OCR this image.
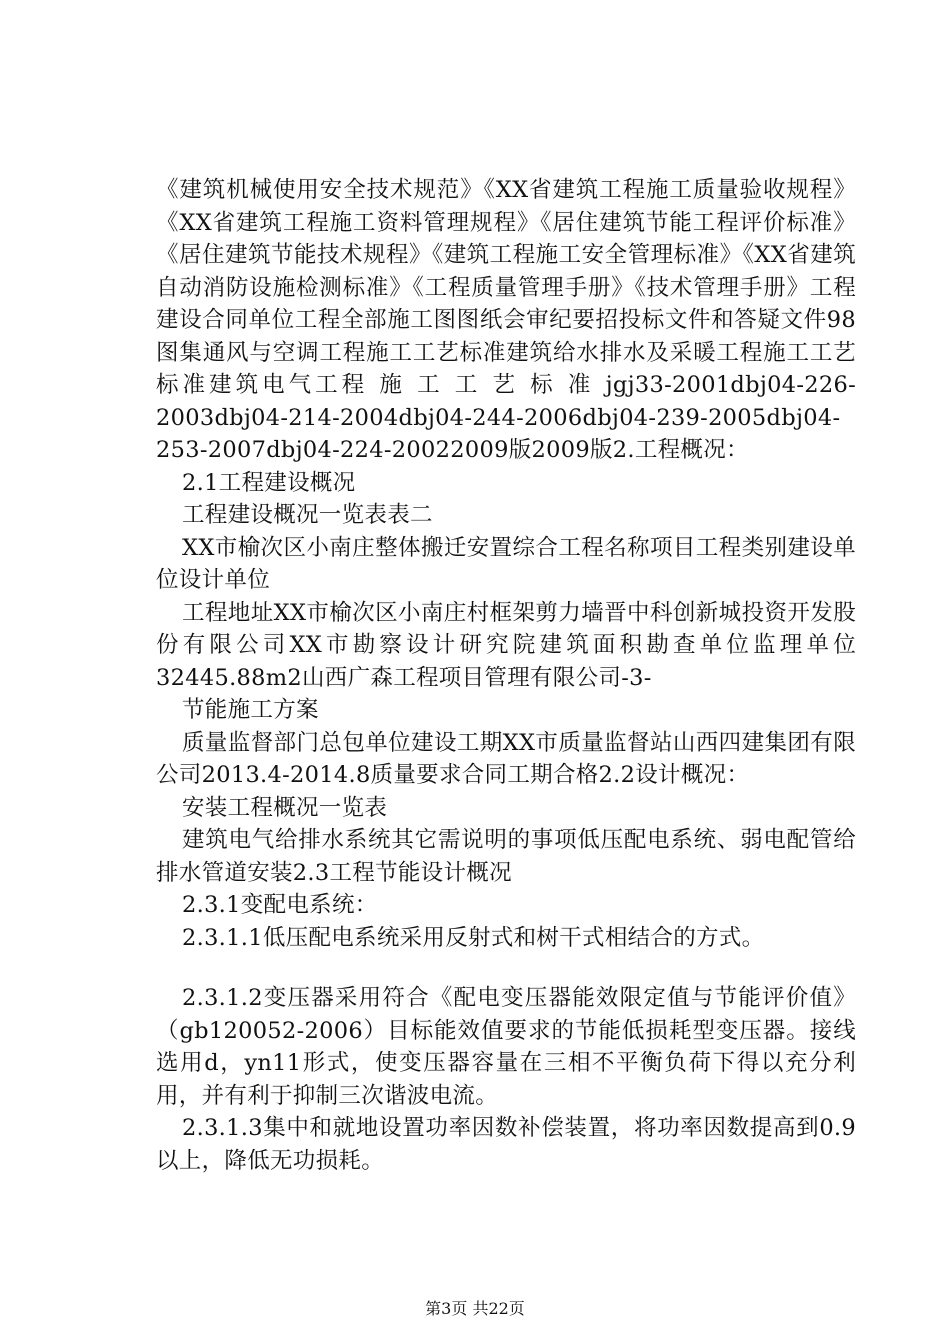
《建筑机械使用安全技术规范》《XX省建筑工程施工质量验收规程》《XX省建筑工程施工资料管理规程》《居住建筑节能工程评价标准》《居住建筑节能技术规程》《建筑工程施工安全管理标准》《XX省建筑自动消防设施检测标准》《工程质量管理手册》《技术管理手册》工程建设合同单位工程全部施工图图纸会审纪要招投标文件和答疑文件98图集通风与空调工程施工工艺标准建筑给水排水及采暖工程施工工艺标准建筑电气工程 施 工 工 艺 标 准 jgj33-2001dbj04-226-2003dbj04-214-2004dbj04-244-2006dbj04-239-2005dbj04-253-2007dbj04-224-20022009版2009版2.工程概况：

2.1工程建设概况

工程建设概况一览表表二

XX市榆次区小南庄整体搬迁安置综合工程名称项目工程类别建设单位设计单位

工程地址XX市榆次区小南庄村框架剪力墙晋中科创新城投资开发股份有限公司XX市勘察设计研究院建筑面积勘查单位监理单位32445.88m2山西广森工程项目管理有限公司-3-

节能施工方案

质量监督部门总包单位建设工期XX市质量监督站山西四建集团有限公司2013.4-2014.8质量要求合同工期合格2.2设计概况：

安装工程概况一览表

建筑电气给排水系统其它需说明的事项低压配电系统、弱电配管给排水管道安装2.3工程节能设计概况

2.3.1变配电系统：

2.3.1.1低压配电系统采用反射式和树干式相结合的方式。

2.3.1.2变压器采用符合《配电变压器能效限定值与节能评价值》（gb120052-2006）目标能效值要求的节能低损耗型变压器。接线选用d，yn11形式，使变压器容量在三相不平衡负荷下得以充分利用，并有利于抑制三次谐波电流。

2.3.1.3集中和就地设置功率因数补偿装置，将功率因数提高到0.9以上，降低无功损耗。

第3页 共22页
